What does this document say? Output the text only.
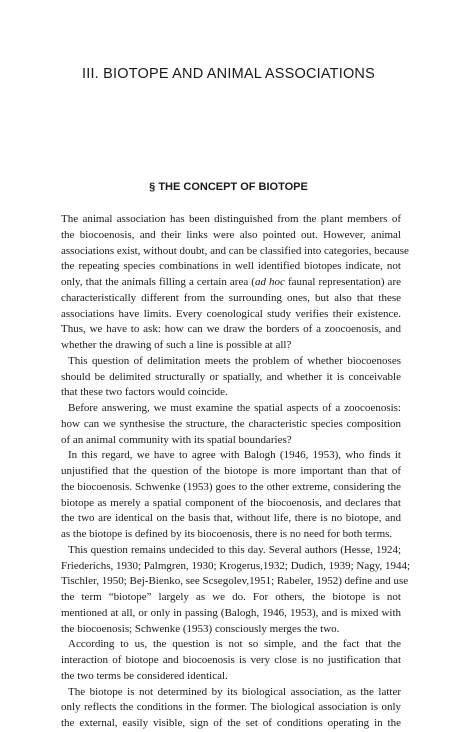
III. BIOTOPE AND ANIMAL ASSOCIATIONS
§ THE CONCEPT OF BIOTOPE
The animal association has been distinguished from the plant members of
the biocoenosis, and their links were also pointed out. However, animal
associations exist, without doubt, and can be classified into categories, because
the repeating species combinations in well identified biotopes indicate, not
only, that the animals filling a certain area (ad hoc faunal representation) are
characteristically different from the surrounding ones, but also that these
associations have limits. Every coenological study verifies their existence.
Thus, we have to ask: how can we draw the borders of a zoocoenosis, and
whether the drawing of such a line is possible at all?
This question of delimitation meets the problem of whether biocoenoses
should be delimited structurally or spatially, and whether it is conceivable
that these two factors would coincide.
Before answering, we must examine the spatial aspects of a zoocoenosis:
how can we synthesise the structure, the characteristic species composition
of an animal community with its spatial boundaries?
In this regard, we have to agree with Balogh (1946, 1953), who finds it
unjustified that the question of the biotope is more important than that of
the biocoenosis. Schwenke (1953) goes to the other extreme, considering the
biotope as merely a spatial component of the biocoenosis, and declares that
the two are identical on the basis that, without life, there is no biotope, and
as the biotope is defined by its biocoenosis, there is no need for both terms.
This question remains undecided to this day. Several authors (Hesse, 1924;
Friederichs, 1930; Palmgren, 1930; Krogerus,1932; Dudich, 1939; Nagy, 1944;
Tischler, 1950; Bej-Bienko, see Scsegolev,1951; Rabeler, 1952) define and use
the term “biotope” largely as we do. For others, the biotope is not
mentioned at all, or only in passing (Balogh, 1946, 1953), and is mixed with
the biocoenosis; Schwenke (1953) consciously merges the two.
According to us, the question is not so simple, and the fact that the
interaction of biotope and biocoenosis is very close is no justification that
the two terms be considered identical.
The biotope is not determined by its biological association, as the latter
only reflects the conditions in the former. The biological association is only
the external, easily visible, sign of the set of conditions operating in the
